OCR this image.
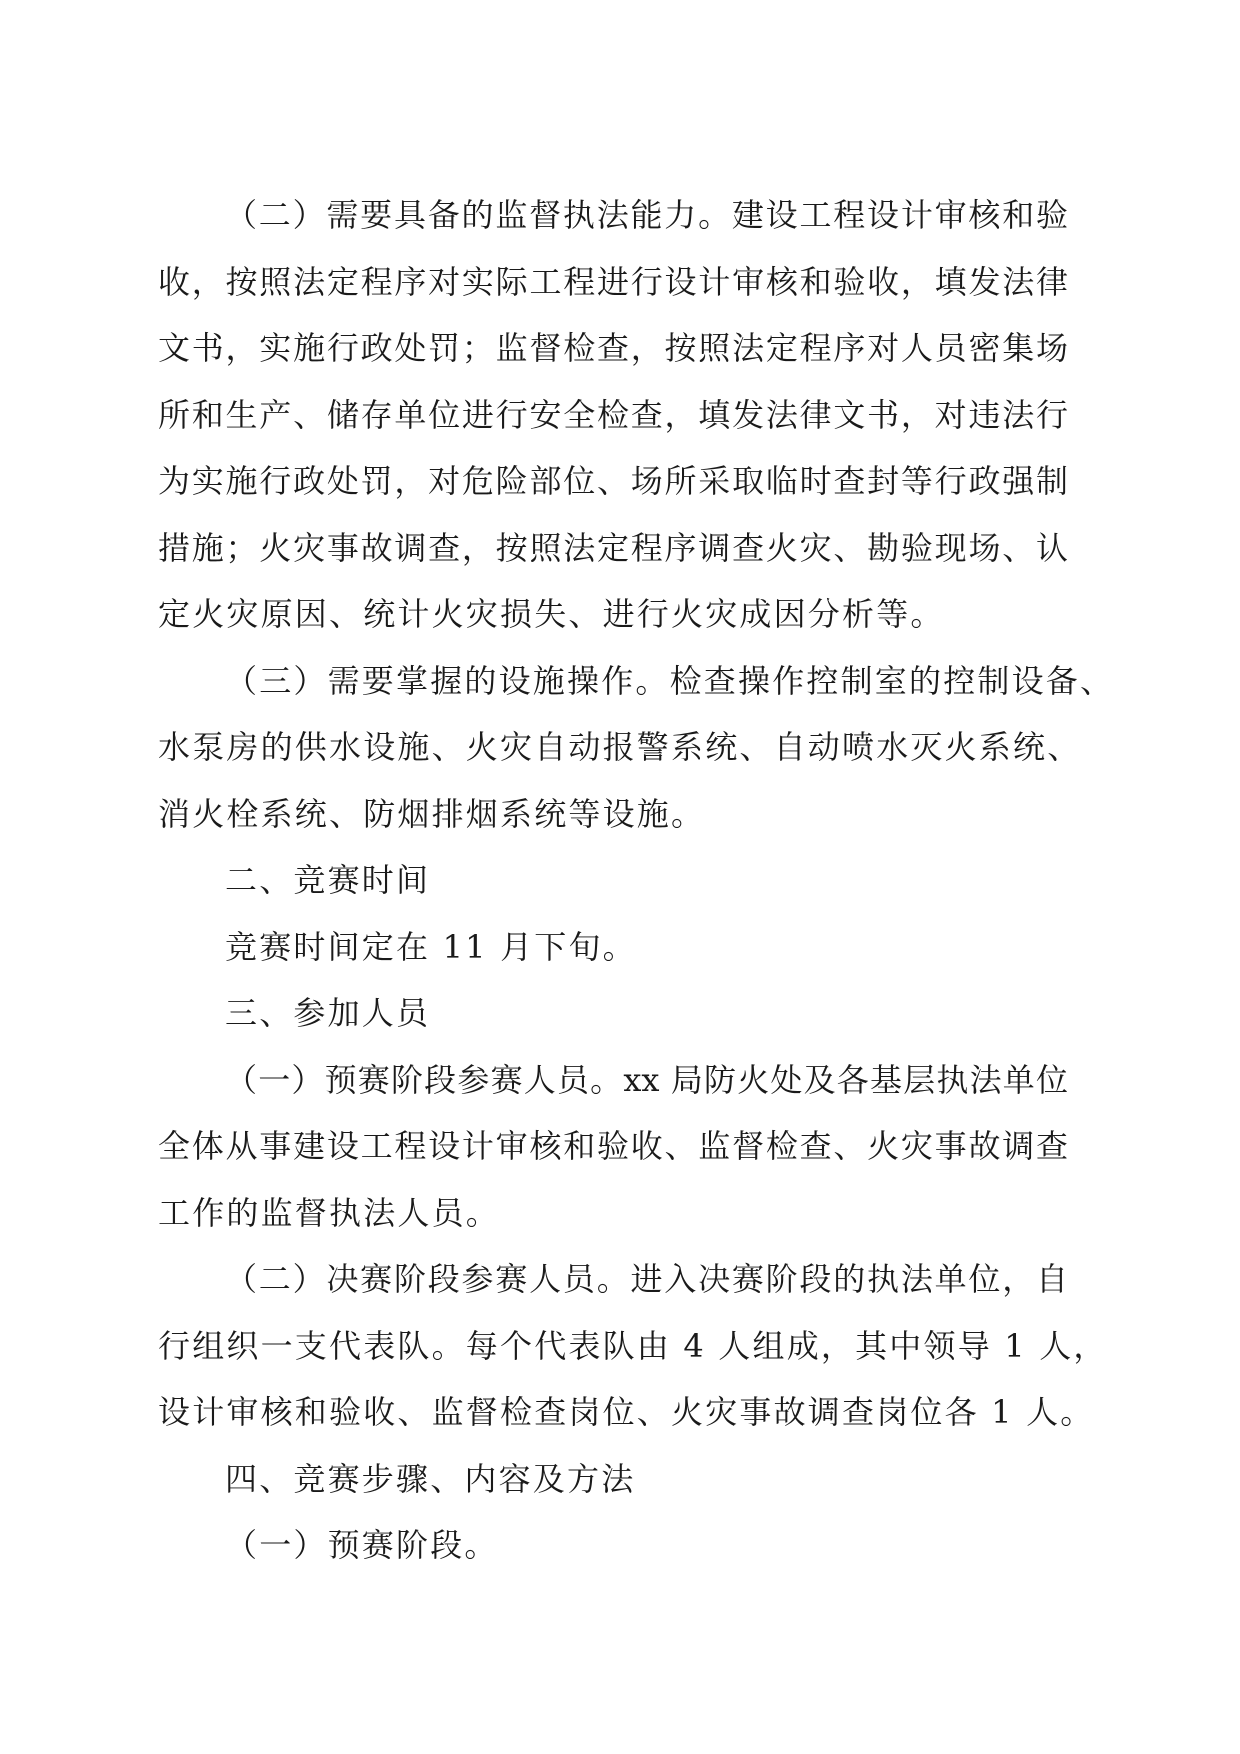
（二）需要具备的监督执法能力。建设工程设计审核和验
收，按照法定程序对实际工程进行设计审核和验收，填发法律
文书，实施行政处罚；监督检查，按照法定程序对人员密集场
所和生产、储存单位进行安全检查，填发法律文书，对违法行
为实施行政处罚，对危险部位、场所采取临时查封等行政强制
措施；火灾事故调查，按照法定程序调查火灾、勘验现场、认
定火灾原因、统计火灾损失、进行火灾成因分析等。
（三）需要掌握的设施操作。检查操作控制室的控制设备、
水泵房的供水设施、火灾自动报警系统、自动喷水灭火系统、
消火栓系统、防烟排烟系统等设施。
二、竞赛时间
竞赛时间定在 11 月下旬。
三、参加人员
（一）预赛阶段参赛人员。xx 局防火处及各基层执法单位
全体从事建设工程设计审核和验收、监督检查、火灾事故调查
工作的监督执法人员。
（二）决赛阶段参赛人员。进入决赛阶段的执法单位，自
行组织一支代表队。每个代表队由 4 人组成，其中领导 1 人，
设计审核和验收、监督检查岗位、火灾事故调查岗位各 1 人。
四、竞赛步骤、内容及方法
（一）预赛阶段。
